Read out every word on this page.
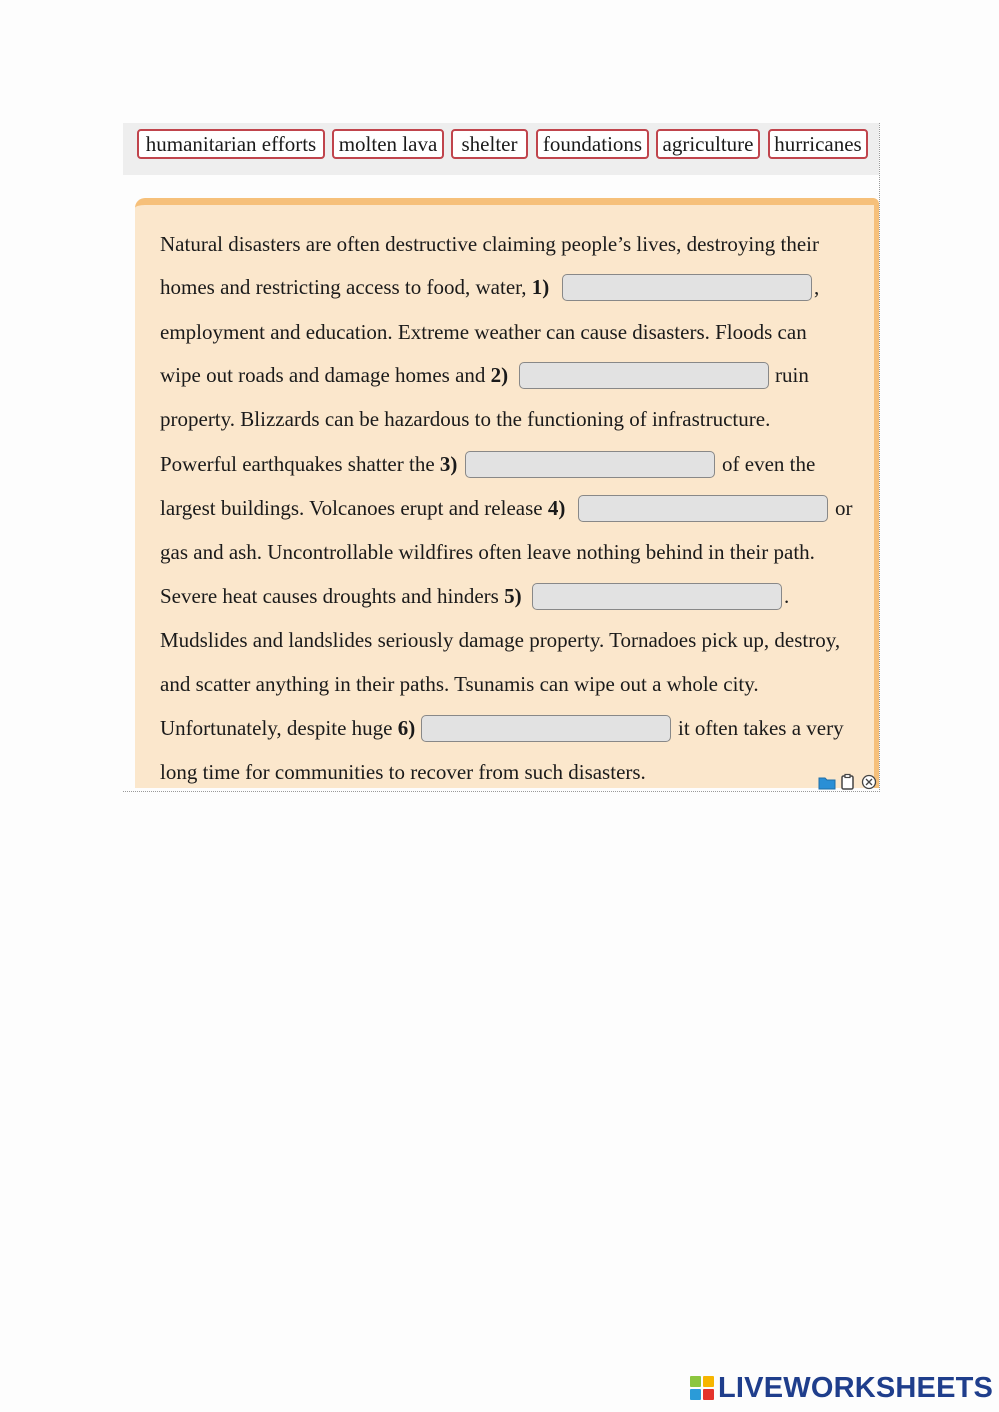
humanitarian efforts	molten lava	shelter	foundations agriculture hurricanes
Natural disasters are often destructive claiming people’s lives, destroying their
homes and restricting access to food, water, 1)	,
employment and education. Extreme weather can cause disasters. Floods can
wipe out roads and damage homes and 2)	ruin
property. Blizzards can be hazardous to the functioning of infrastructure.
Powerful earthquakes shatter the 3)	of even the
largest buildings. Volcanoes erupt and release 4)	or
gas and ash. Uncontrollable wildfires often leave nothing behind in their path.
Severe heat causes droughts and hinders 5)	.
Mudslides and landslides seriously damage property. Tornadoes pick up, destroy,
and scatter anything in their paths. Tsunamis can wipe out a whole city.
Unfortunately, despite huge 6)	it often takes a very
long time for communities to recover from such disasters.
LIVEWORKSHEETS
